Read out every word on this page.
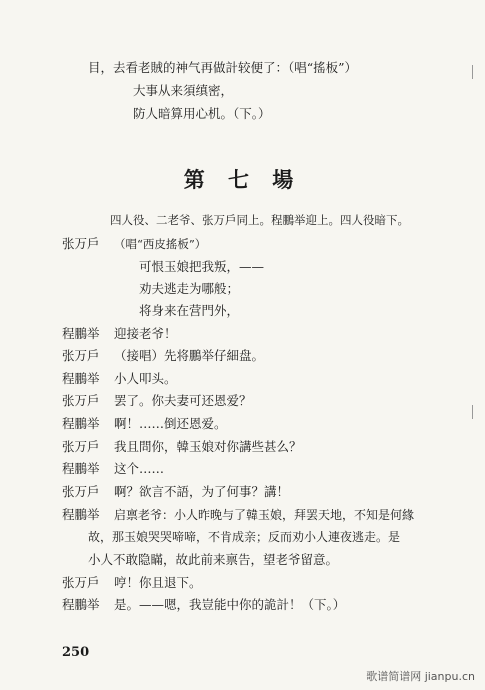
目，去看老賊的神气再做計较便了：（唱“搖板”）
大事从来須缜密，
防人暗算用心机。（下。）
第 七 場
四人役、二老爷、张万戶同上。程鵬举迎上。四人役暗下。
张万戶 （唱“西皮搖板”）
可恨玉娘把我叛，——
劝夫逃走为哪般；
将身来在营門外，
程鵬举 迎接老爷！
张万戶 （接唱）先将鵬举仔細盘。
程鵬举 小人叩头。
张万戶 罢了。你夫妻可还恩爱？
程鵬举 啊！……倒还恩爱。
张万戶 我且問你，韓玉娘对你講些甚么？
程鵬举 这个……
张万戶 啊？欲言不語，为了何事？講！
程鵬举 启禀老爷：小人昨晚与了韓玉娘，拜罢天地，不知是何緣
故，那玉娘哭哭啼啼，不肯成亲；反而劝小人連夜逃走。是
小人不敢隐瞞，故此前来禀告，望老爷留意。
张万戶 哼！你且退下。
程鵬举 是。——嗯，我豈能中你的詭計！（下。）
250
歌谱简谱网 jianpu.cn
